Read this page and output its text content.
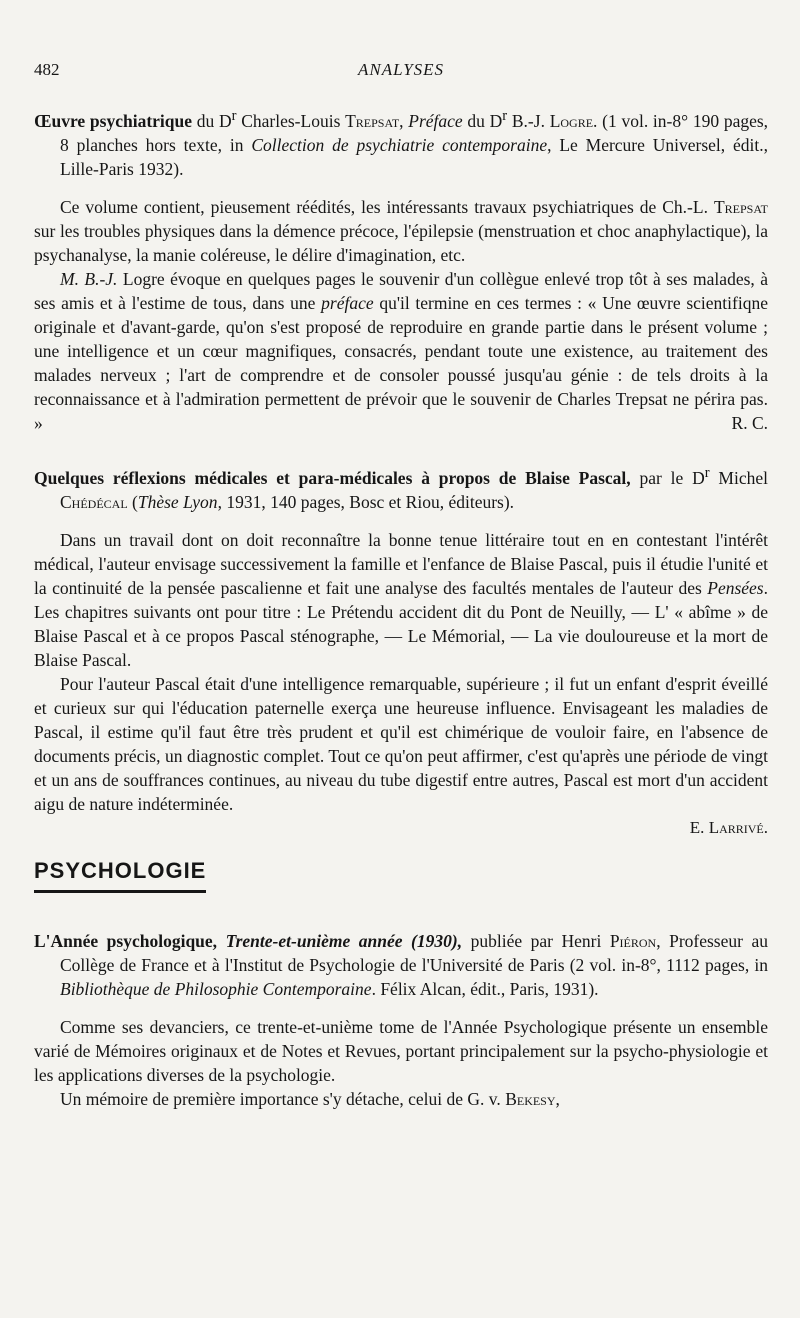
482	ANALYSES

Œuvre psychiatrique du $D^r$ Charles-Louis Trepsat, Préface du $D^r$ B.-J. Logre. (1 vol. in-8° 190 pages, 8 planches hors texte, in Collection de psychiatrie contemporaine, Le Mercure Universel, édit., Lille-Paris 1932).

Ce volume contient, pieusement réédités, les intéressants travaux psychiatriques de Ch.-L. Trepsat sur les troubles physiques dans la démence précoce, l'épilepsie (menstruation et choc anaphylactique), la psychanalyse, la manie coléreuse, le délire d'imagination, etc.

M. B.-J. Logre évoque en quelques pages le souvenir d'un collègue enlevé trop tôt à ses malades, à ses amis et à l'estime de tous, dans une préface qu'il termine en ces termes : « Une œuvre scientifiqne originale et d'avant-garde, qu'on s'est proposé de reproduire en grande partie dans le présent volume ; une intelligence et un cœur magnifiques, consacrés, pendant toute une existence, au traitement des malades nerveux ; l'art de comprendre et de consoler poussé jusqu'au génie : de tels droits à la reconnaissance et à l'admiration permettent de prévoir que le souvenir de Charles Trepsat ne périra pas. »	R. C.

Quelques réflexions médicales et para-médicales à propos de Blaise Pascal, par le $D^r$ Michel Chédécal (Thèse Lyon, 1931, 140 pages, Bosc et Riou, éditeurs).

Dans un travail dont on doit reconnaître la bonne tenue littéraire tout en en contestant l'intérêt médical, l'auteur envisage successivement la famille et l'enfance de Blaise Pascal, puis il étudie l'unité et la continuité de la pensée pascalienne et fait une analyse des facultés mentales de l'auteur des Pensées. Les chapitres suivants ont pour titre : Le Prétendu accident dit du Pont de Neuilly, — L' « abîme » de Blaise Pascal et à ce propos Pascal sténographe, — Le Mémorial, — La vie douloureuse et la mort de Blaise Pascal.

Pour l'auteur Pascal était d'une intelligence remarquable, supérieure ; il fut un enfant d'esprit éveillé et curieux sur qui l'éducation paternelle exerça une heureuse influence. Envisageant les maladies de Pascal, il estime qu'il faut être très prudent et qu'il est chimérique de vouloir faire, en l'absence de documents précis, un diagnostic complet. Tout ce qu'on peut affirmer, c'est qu'après une période de vingt et un ans de souffrances continues, au niveau du tube digestif entre autres, Pascal est mort d'un accident aigu de nature indéterminée.

E. Larrivé.

PSYCHOLOGIE

L'Année psychologique, Trente-et-unième année (1930), publiée par Henri Piéron, Professeur au Collège de France et à l'Institut de Psychologie de l'Université de Paris (2 vol. in-8°, 1112 pages, in Bibliothèque de Philosophie Contemporaine. Félix Alcan, édit., Paris, 1931).

Comme ses devanciers, ce trente-et-unième tome de l'Année Psychologique présente un ensemble varié de Mémoires originaux et de Notes et Revues, portant principalement sur la psycho-physiologie et les applications diverses de la psychologie.

Un mémoire de première importance s'y détache, celui de G. v. Bekesy,
